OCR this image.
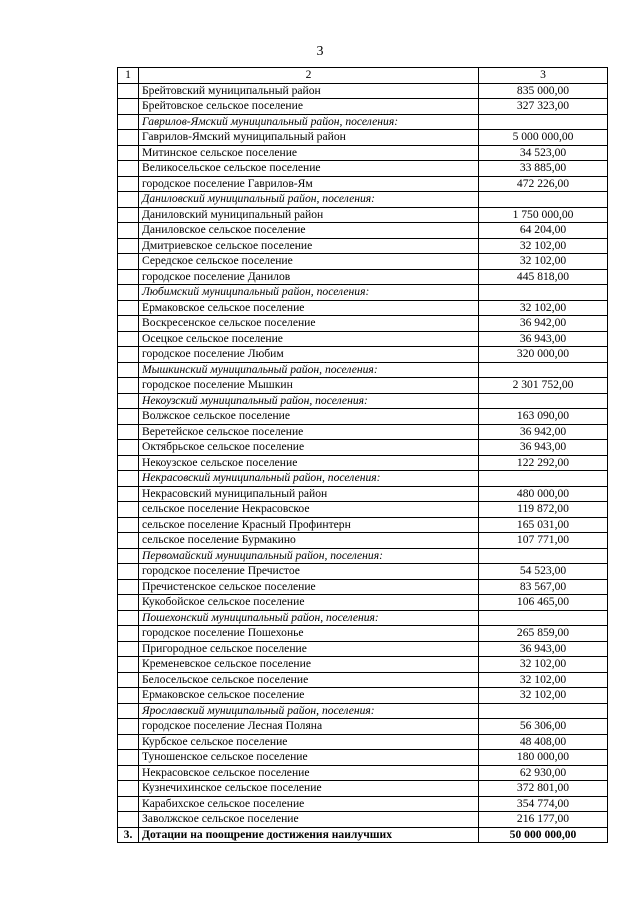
3
1	2	3
	Брейтовский муниципальный район	835 000,00
	Брейтовское сельское поселение	327 323,00
	Гаврилов-Ямский муниципальный район, поселения:	
	Гаврилов-Ямский муниципальный район	5 000 000,00
	Митинское сельское поселение	34 523,00
	Великосельское сельское поселение	33 885,00
	городское поселение Гаврилов-Ям	472 226,00
	Даниловский муниципальный район, поселения:	
	Даниловский муниципальный район	1 750 000,00
	Даниловское сельское поселение	64 204,00
	Дмитриевское сельское поселение	32 102,00
	Середское сельское поселение	32 102,00
	городское поселение Данилов	445 818,00
	Любимский муниципальный район, поселения:	
	Ермаковское сельское поселение	32 102,00
	Воскресенское сельское поселение	36 942,00
	Осецкое сельское поселение	36 943,00
	городское поселение Любим	320 000,00
	Мышкинский муниципальный район, поселения:	
	городское поселение Мышкин	2 301 752,00
	Некоузский муниципальный район, поселения:	
	Волжское сельское поселение	163 090,00
	Веретейское сельское поселение	36 942,00
	Октябрьское сельское поселение	36 943,00
	Некоузское сельское поселение	122 292,00
	Некрасовский муниципальный район, поселения:	
	Некрасовский муниципальный район	480 000,00
	сельское поселение Некрасовское	119 872,00
	сельское поселение Красный Профинтерн	165 031,00
	сельское поселение Бурмакино	107 771,00
	Первомайский муниципальный район, поселения:	
	городское поселение Пречистое	54 523,00
	Пречистенское сельское поселение	83 567,00
	Кукобойское сельское поселение	106 465,00
	Пошехонский муниципальный район, поселения:	
	городское поселение Пошехонье	265 859,00
	Пригородное сельское поселение	36 943,00
	Кременевское сельское поселение	32 102,00
	Белосельское сельское поселение	32 102,00
	Ермаковское сельское поселение	32 102,00
	Ярославский муниципальный район, поселения:	
	городское поселение Лесная Поляна	56 306,00
	Курбское сельское поселение	48 408,00
	Туношенское сельское поселение	180 000,00
	Некрасовское сельское поселение	62 930,00
	Кузнечихинское сельское поселение	372 801,00
	Карабихское сельское поселение	354 774,00
	Заволжское сельское поселение	216 177,00
3.	Дотации на поощрение достижения наилучших	50 000 000,00
